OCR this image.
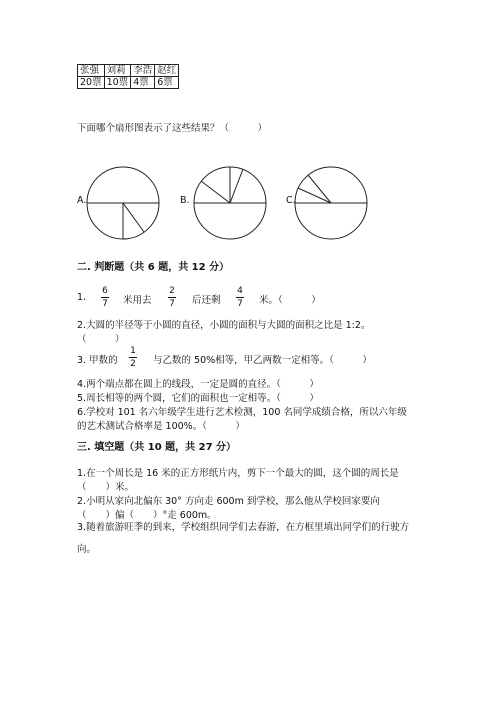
张强	刘莉	李浩	赵红
20票	10票	4票	6票
下面哪个扇形图表示了这些结果？（　　　）
A.	B.	C.
二. 判断题（共 6 题，共 12 分）
1.
6
7 米用去
2
7 后还剩
4
7 米。（　　　）
2.大圆的半径等于小圆的直径，小圆的面积与大圆的面积之比是 1:2。
（　　　）
3. 甲数的
1
2 与乙数的 50%相等，甲乙两数一定相等。（　　　）
4.两个端点都在圆上的线段，一定是圆的直径。（　　　）
5.周长相等的两个圆，它们的面积也一定相等。（　　　）
6.学校对 101 名六年级学生进行艺术检测，100 名同学成绩合格，所以六年级
的艺术测试合格率是 100%。（　　　）
三. 填空题（共 10 题，共 27 分）
1.在一个周长是 16 米的正方形纸片内，剪下一个最大的圆，这个圆的周长是
（　　）米。
2.小明从家向北偏东 30° 方向走 600m 到学校，那么他从学校回家要向
（　　）偏（　　）°走 600m。
3.随着旅游旺季的到来，学校组织同学们去春游，在方框里填出同学们的行驶方
向。
